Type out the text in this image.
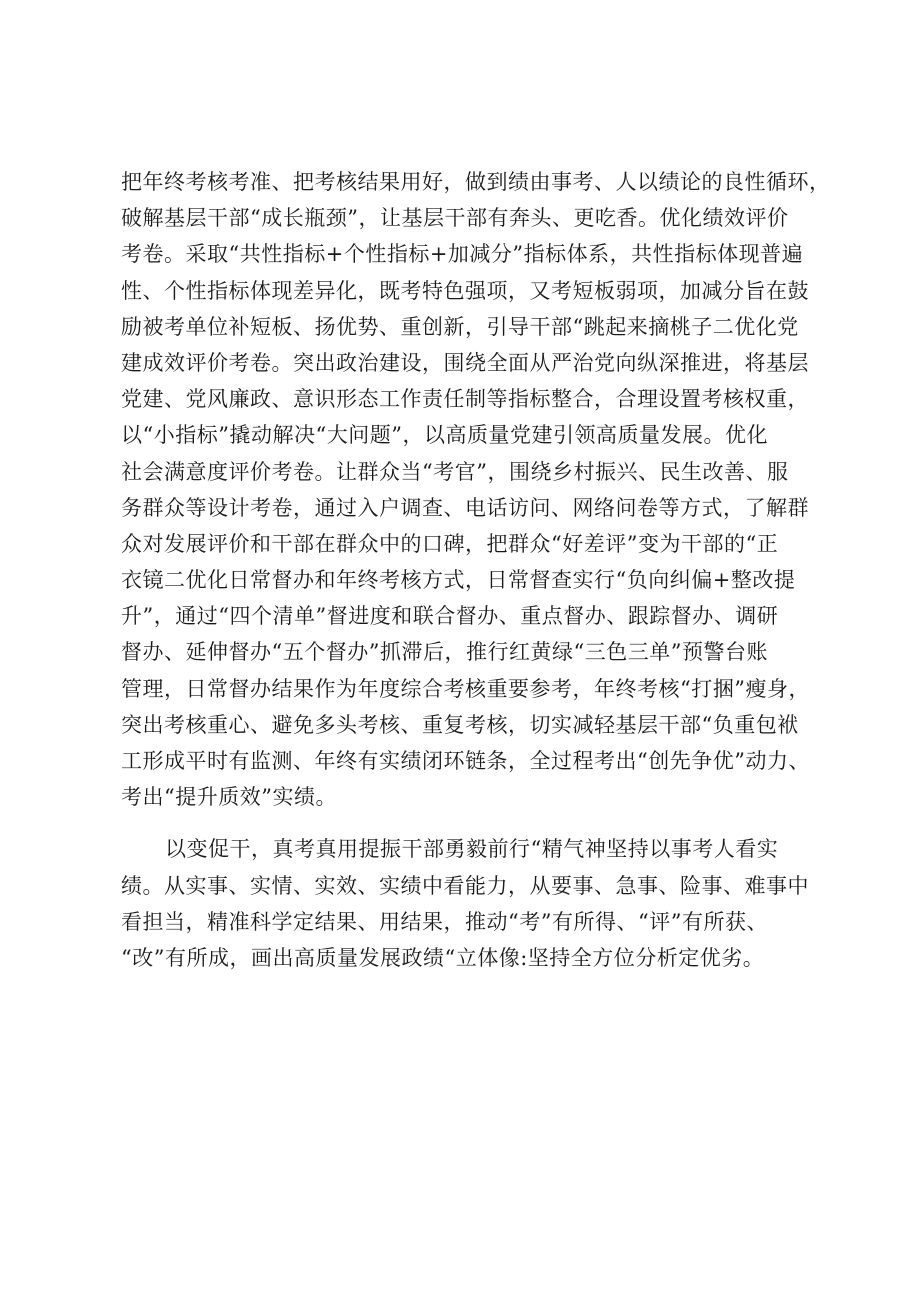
把年终考核考准、把考核结果用好，做到绩由事考、人以绩论的良性循环，
破解基层干部“成长瓶颈”，让基层干部有奔头、更吃香。优化绩效评价
考卷。采取“共性指标+个性指标+加减分”指标体系，共性指标体现普遍
性、个性指标体现差异化，既考特色强项，又考短板弱项，加减分旨在鼓
励被考单位补短板、扬优势、重创新，引导干部“跳起来摘桃子二优化党
建成效评价考卷。突出政治建设，围绕全面从严治党向纵深推进，将基层
党建、党风廉政、意识形态工作责任制等指标整合，合理设置考核权重，
以“小指标”撬动解决“大问题”，以高质量党建引领高质量发展。优化
社会满意度评价考卷。让群众当“考官”，围绕乡村振兴、民生改善、服
务群众等设计考卷，通过入户调查、电话访问、网络问卷等方式，了解群
众对发展评价和干部在群众中的口碑，把群众“好差评”变为干部的“正
衣镜二优化日常督办和年终考核方式，日常督查实行“负向纠偏+整改提
升”，通过“四个清单”督进度和联合督办、重点督办、跟踪督办、调研
督办、延伸督办“五个督办”抓滞后，推行红黄绿“三色三单”预警台账
管理，日常督办结果作为年度综合考核重要参考，年终考核“打捆”瘦身，
突出考核重心、避免多头考核、重复考核，切实减轻基层干部“负重包袱
工形成平时有监测、年终有实绩闭环链条，全过程考出“创先争优”动力、
考出“提升质效”实绩。
以变促干，真考真用提振干部勇毅前行“精气神坚持以事考人看实
绩。从实事、实情、实效、实绩中看能力，从要事、急事、险事、难事中
看担当，精准科学定结果、用结果，推动“考”有所得、“评”有所获、
“改”有所成，画出高质量发展政绩“立体像:坚持全方位分析定优劣。
